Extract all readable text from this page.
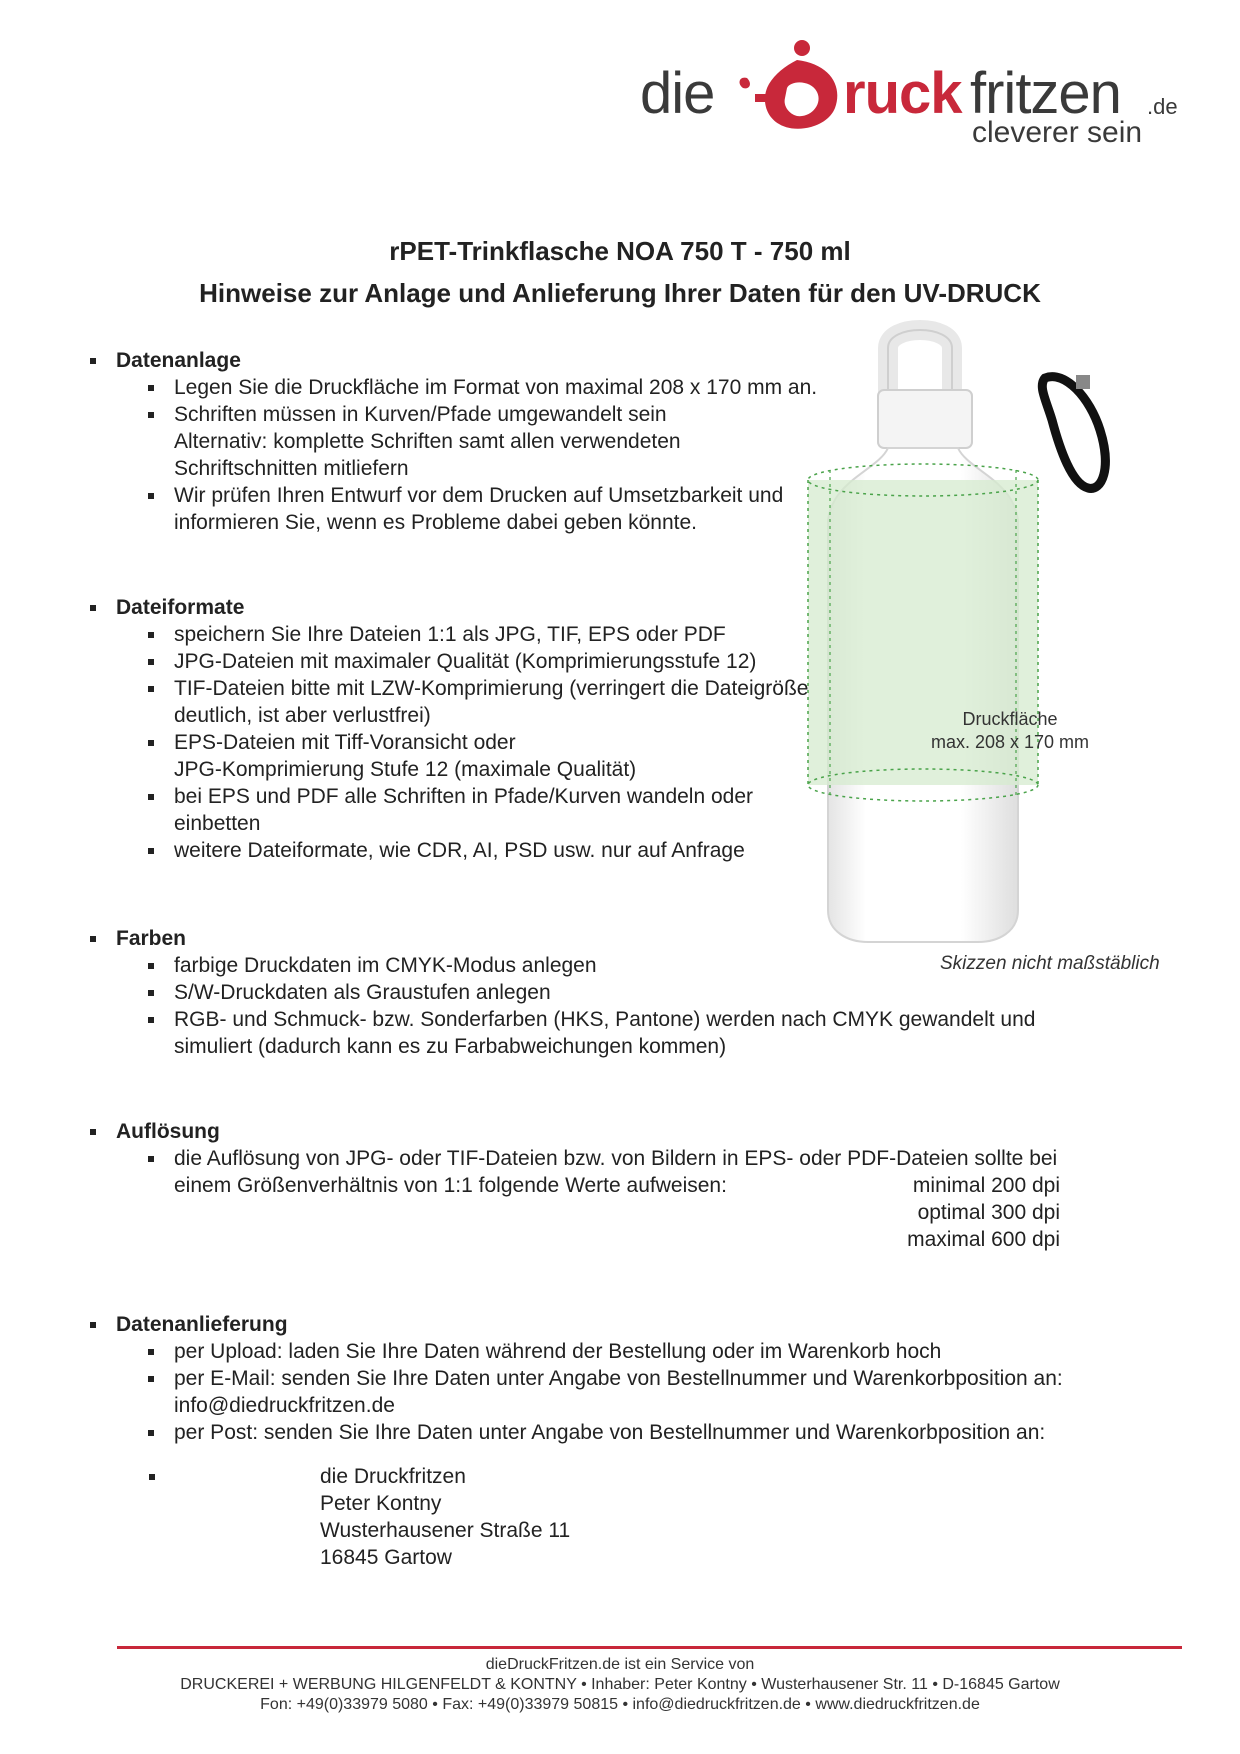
die ruck fritzen .de
cleverer sein
rPET-Trinkflasche NOA 750 T - 750 ml
Hinweise zur Anlage und Anlieferung Ihrer Daten für den UV-DRUCK
Datenanlage
Legen Sie die Druckfläche im Format von maximal 208 x 170 mm an.
Schriften müssen in Kurven/Pfade umgewandelt sein
Alternativ: komplette Schriften samt allen verwendeten
Schriftschnitten mitliefern
Wir prüfen Ihren Entwurf vor dem Drucken auf Umsetzbarkeit und
informieren Sie, wenn es Probleme dabei geben könnte.
Dateiformate
speichern Sie Ihre Dateien 1:1 als JPG, TIF, EPS oder PDF
JPG-Dateien mit maximaler Qualität (Komprimierungsstufe 12)
TIF-Dateien bitte mit LZW-Komprimierung (verringert die Dateigröße
deutlich, ist aber verlustfrei)
EPS-Dateien mit Tiff-Voransicht oder
JPG-Komprimierung Stufe 12 (maximale Qualität)
bei EPS und PDF alle Schriften in Pfade/Kurven wandeln oder
einbetten
weitere Dateiformate, wie CDR, AI, PSD usw. nur auf Anfrage
Farben
farbige Druckdaten im CMYK-Modus anlegen
S/W-Druckdaten als Graustufen anlegen
RGB- und Schmuck- bzw. Sonderfarben (HKS, Pantone) werden nach CMYK gewandelt und
simuliert (dadurch kann es zu Farbabweichungen kommen)
Auflösung
die Auflösung von JPG- oder TIF-Dateien bzw. von Bildern in EPS- oder PDF-Dateien sollte bei
einem Größenverhältnis von 1:1 folgende Werte aufweisen:	minimal 200 dpi
optimal 300 dpi
maximal 600 dpi
Datenanlieferung
per Upload: laden Sie Ihre Daten während der Bestellung oder im Warenkorb hoch
per E-Mail: senden Sie Ihre Daten unter Angabe von Bestellnummer und Warenkorbposition an:
info@diedruckfritzen.de
per Post: senden Sie Ihre Daten unter Angabe von Bestellnummer und Warenkorbposition an:
die Druckfritzen
Peter Kontny
Wusterhausener Straße 11
16845 Gartow
Druckfläche
max. 208 x 170 mm
Skizzen nicht maßstäblich
dieDruckFritzen.de ist ein Service von
DRUCKEREI + WERBUNG HILGENFELDT & KONTNY • Inhaber: Peter Kontny • Wusterhausener Str. 11 • D-16845 Gartow
Fon: +49(0)33979 5080 • Fax: +49(0)33979 50815 • info@diedruckfritzen.de • www.diedruckfritzen.de
